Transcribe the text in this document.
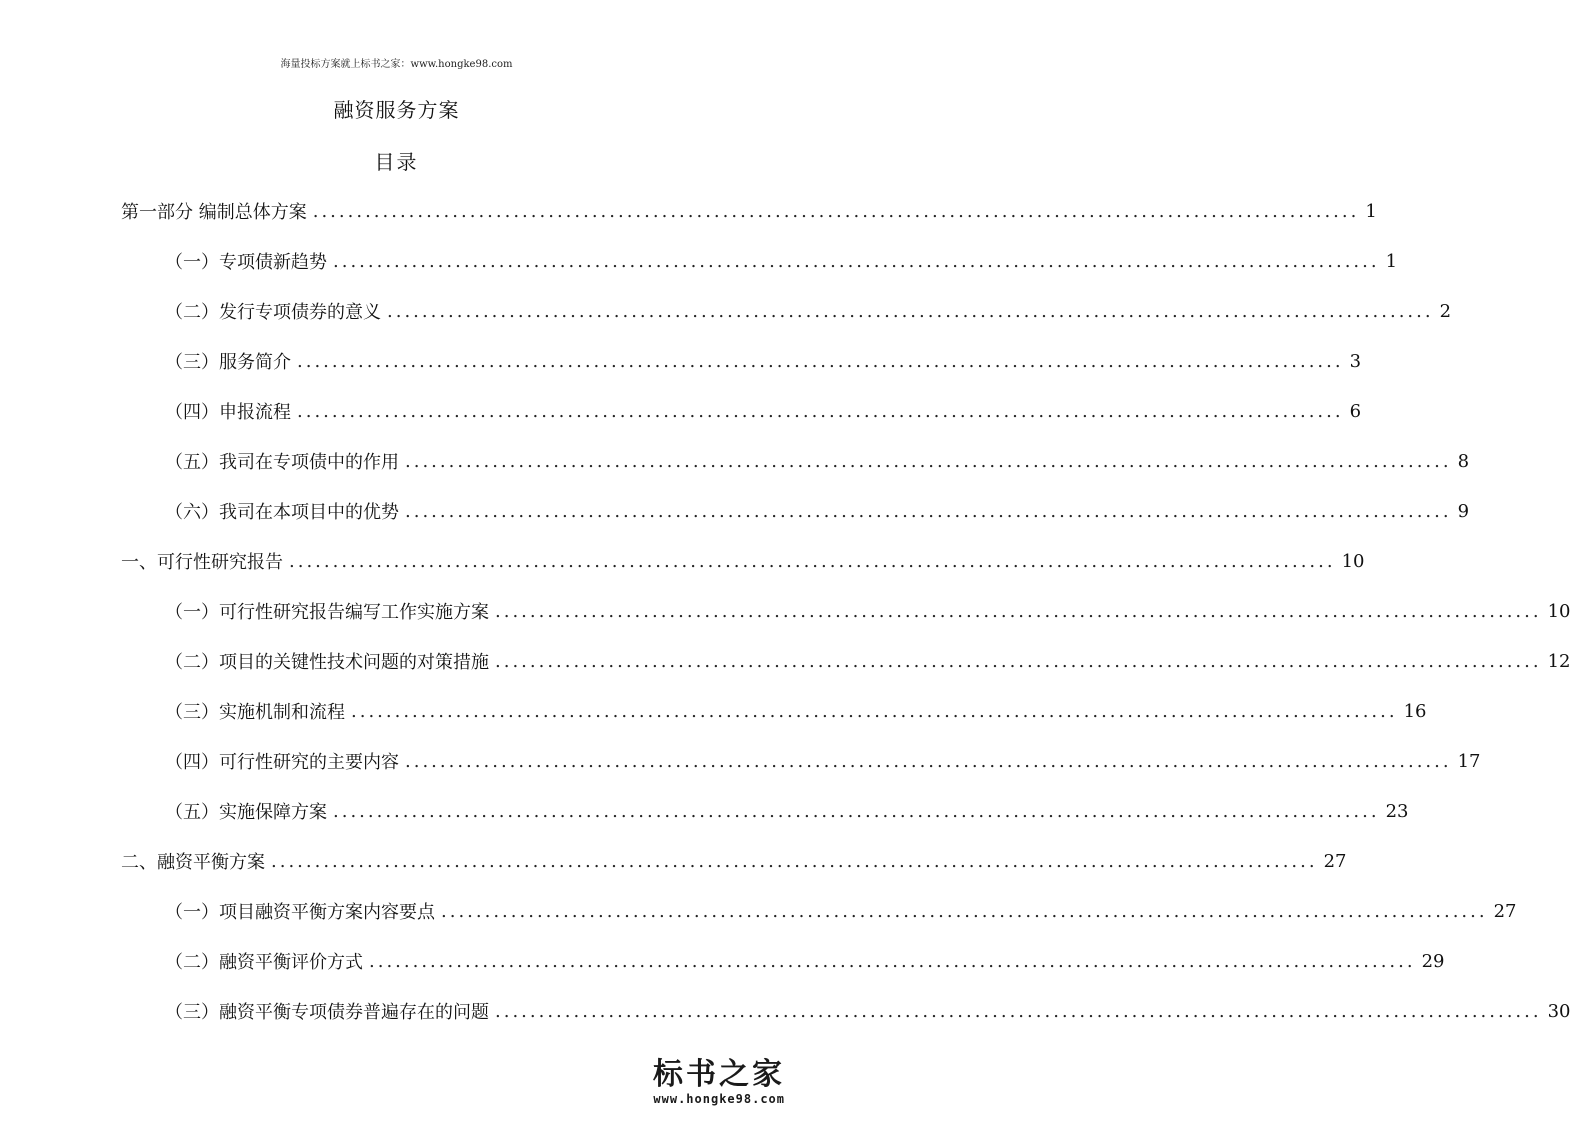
海量投标方案就上标书之家：www.hongke98.com
融资服务方案
目录
第一部分 编制总体方案 ........................................................................................................................ 1
（一）专项债新趋势 ........................................................................................................................ 1
（二）发行专项债券的意义 ........................................................................................................................ 2
（三）服务简介 ........................................................................................................................ 3
（四）申报流程 ........................................................................................................................ 6
（五）我司在专项债中的作用 ........................................................................................................................ 8
（六）我司在本项目中的优势 ........................................................................................................................ 9
一、可行性研究报告 ........................................................................................................................ 10
（一）可行性研究报告编写工作实施方案 ........................................................................................................................ 10
（二）项目的关键性技术问题的对策措施 ........................................................................................................................ 12
（三）实施机制和流程 ........................................................................................................................ 16
（四）可行性研究的主要内容 ........................................................................................................................ 17
（五）实施保障方案 ........................................................................................................................ 23
二、融资平衡方案 ........................................................................................................................ 27
（一）项目融资平衡方案内容要点 ........................................................................................................................ 27
（二）融资平衡评价方式 ........................................................................................................................ 29
（三）融资平衡专项债券普遍存在的问题 ........................................................................................................................ 30
标书之家
www.hongke98.com
